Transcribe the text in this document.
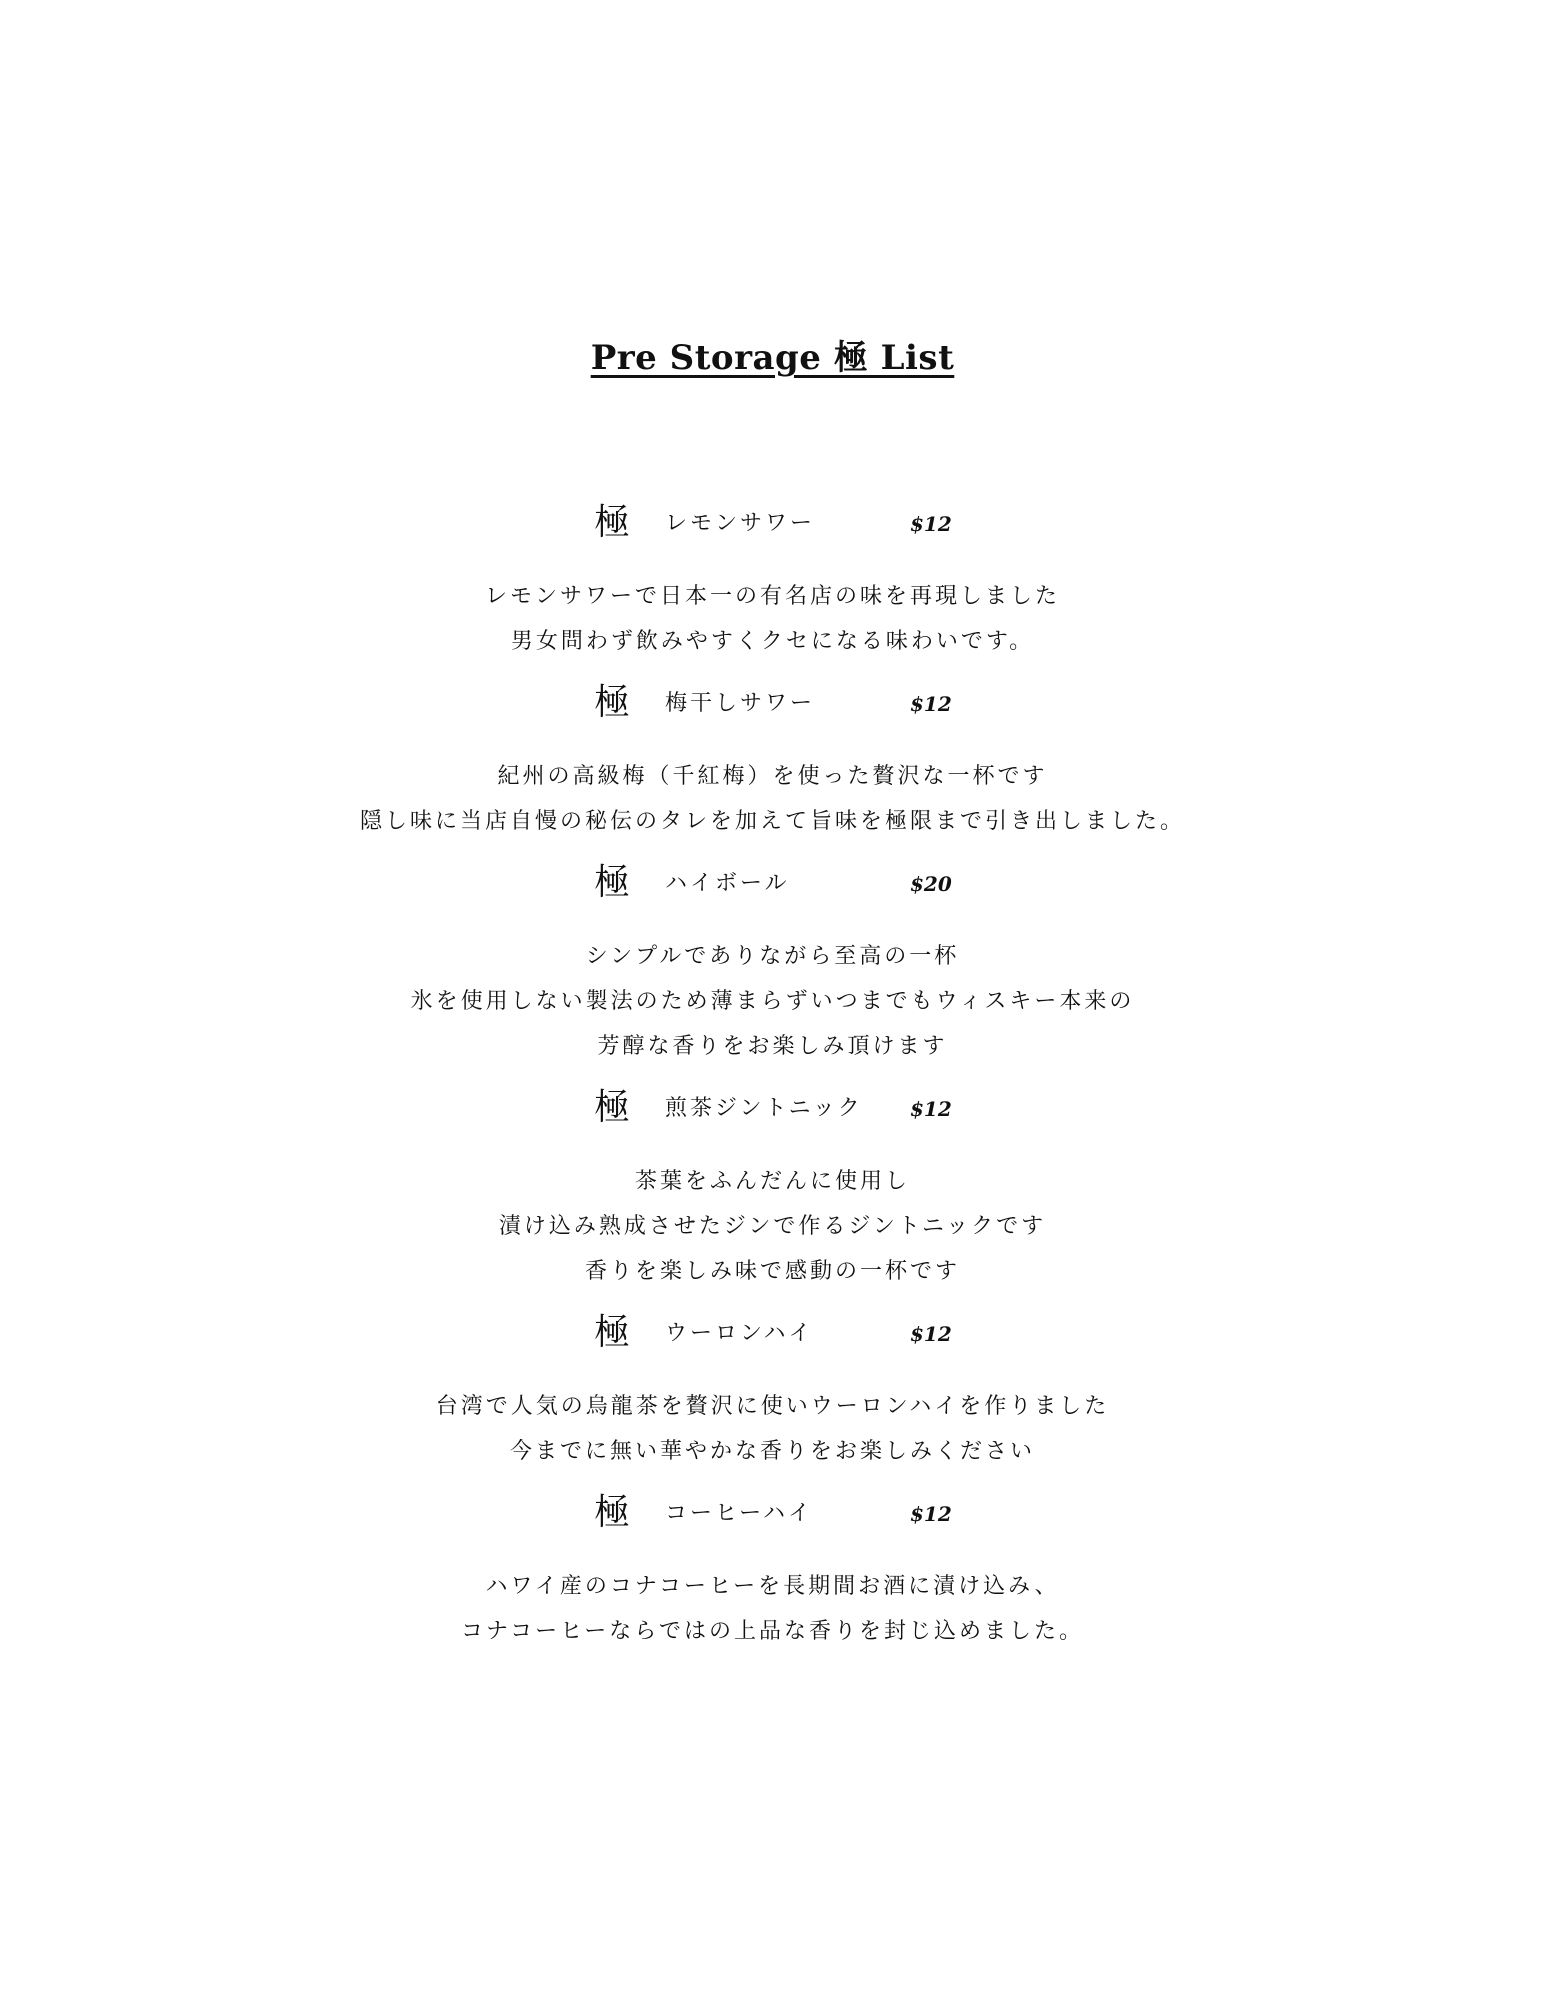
Pre Storage 極 List
極 レモンサワー	$12
レモンサワーで日本一の有名店の味を再現しました
男女問わず飲みやすくクセになる味わいです。
極 梅干しサワー	$12
紀州の高級梅（千紅梅）を使った贅沢な一杯です
隠し味に当店自慢の秘伝のタレを加えて旨味を極限まで引き出しました。
極 ハイボール	$20
シンプルでありながら至高の一杯
氷を使用しない製法のため薄まらずいつまでもウィスキー本来の
芳醇な香りをお楽しみ頂けます
極 煎茶ジントニック $12
茶葉をふんだんに使用し
漬け込み熟成させたジンで作るジントニックです
香りを楽しみ味で感動の一杯です
極 ウーロンハイ	$12
台湾で人気の烏龍茶を贅沢に使いウーロンハイを作りました
今までに無い華やかな香りをお楽しみください
極 コーヒーハイ	$12
ハワイ産のコナコーヒーを長期間お酒に漬け込み、
コナコーヒーならではの上品な香りを封じ込めました。
